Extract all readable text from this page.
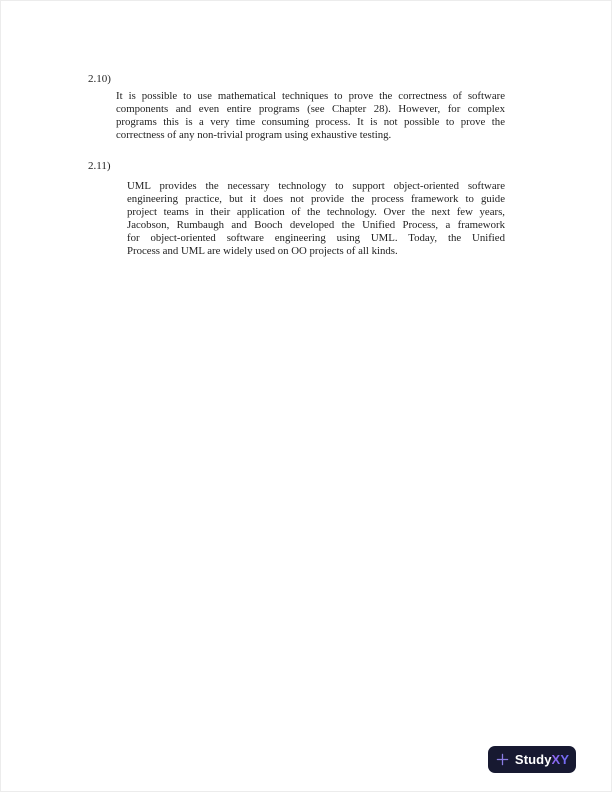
2.10)
It is possible to use mathematical techniques to prove the correctness of software
components and even entire programs (see Chapter 28). However, for complex
programs this is a very time consuming process. It is not possible to prove the
correctness of any non-trivial program using exhaustive testing.
2.11)
UML provides the necessary technology to support object-oriented software
engineering practice, but it does not provide the process framework to guide
project teams in their application of the technology. Over the next few years,
Jacobson, Rumbaugh and Booch developed the Unified Process, a framework
for object-oriented software engineering using UML. Today, the Unified
Process and UML are widely used on OO projects of all kinds.
StudyXY
